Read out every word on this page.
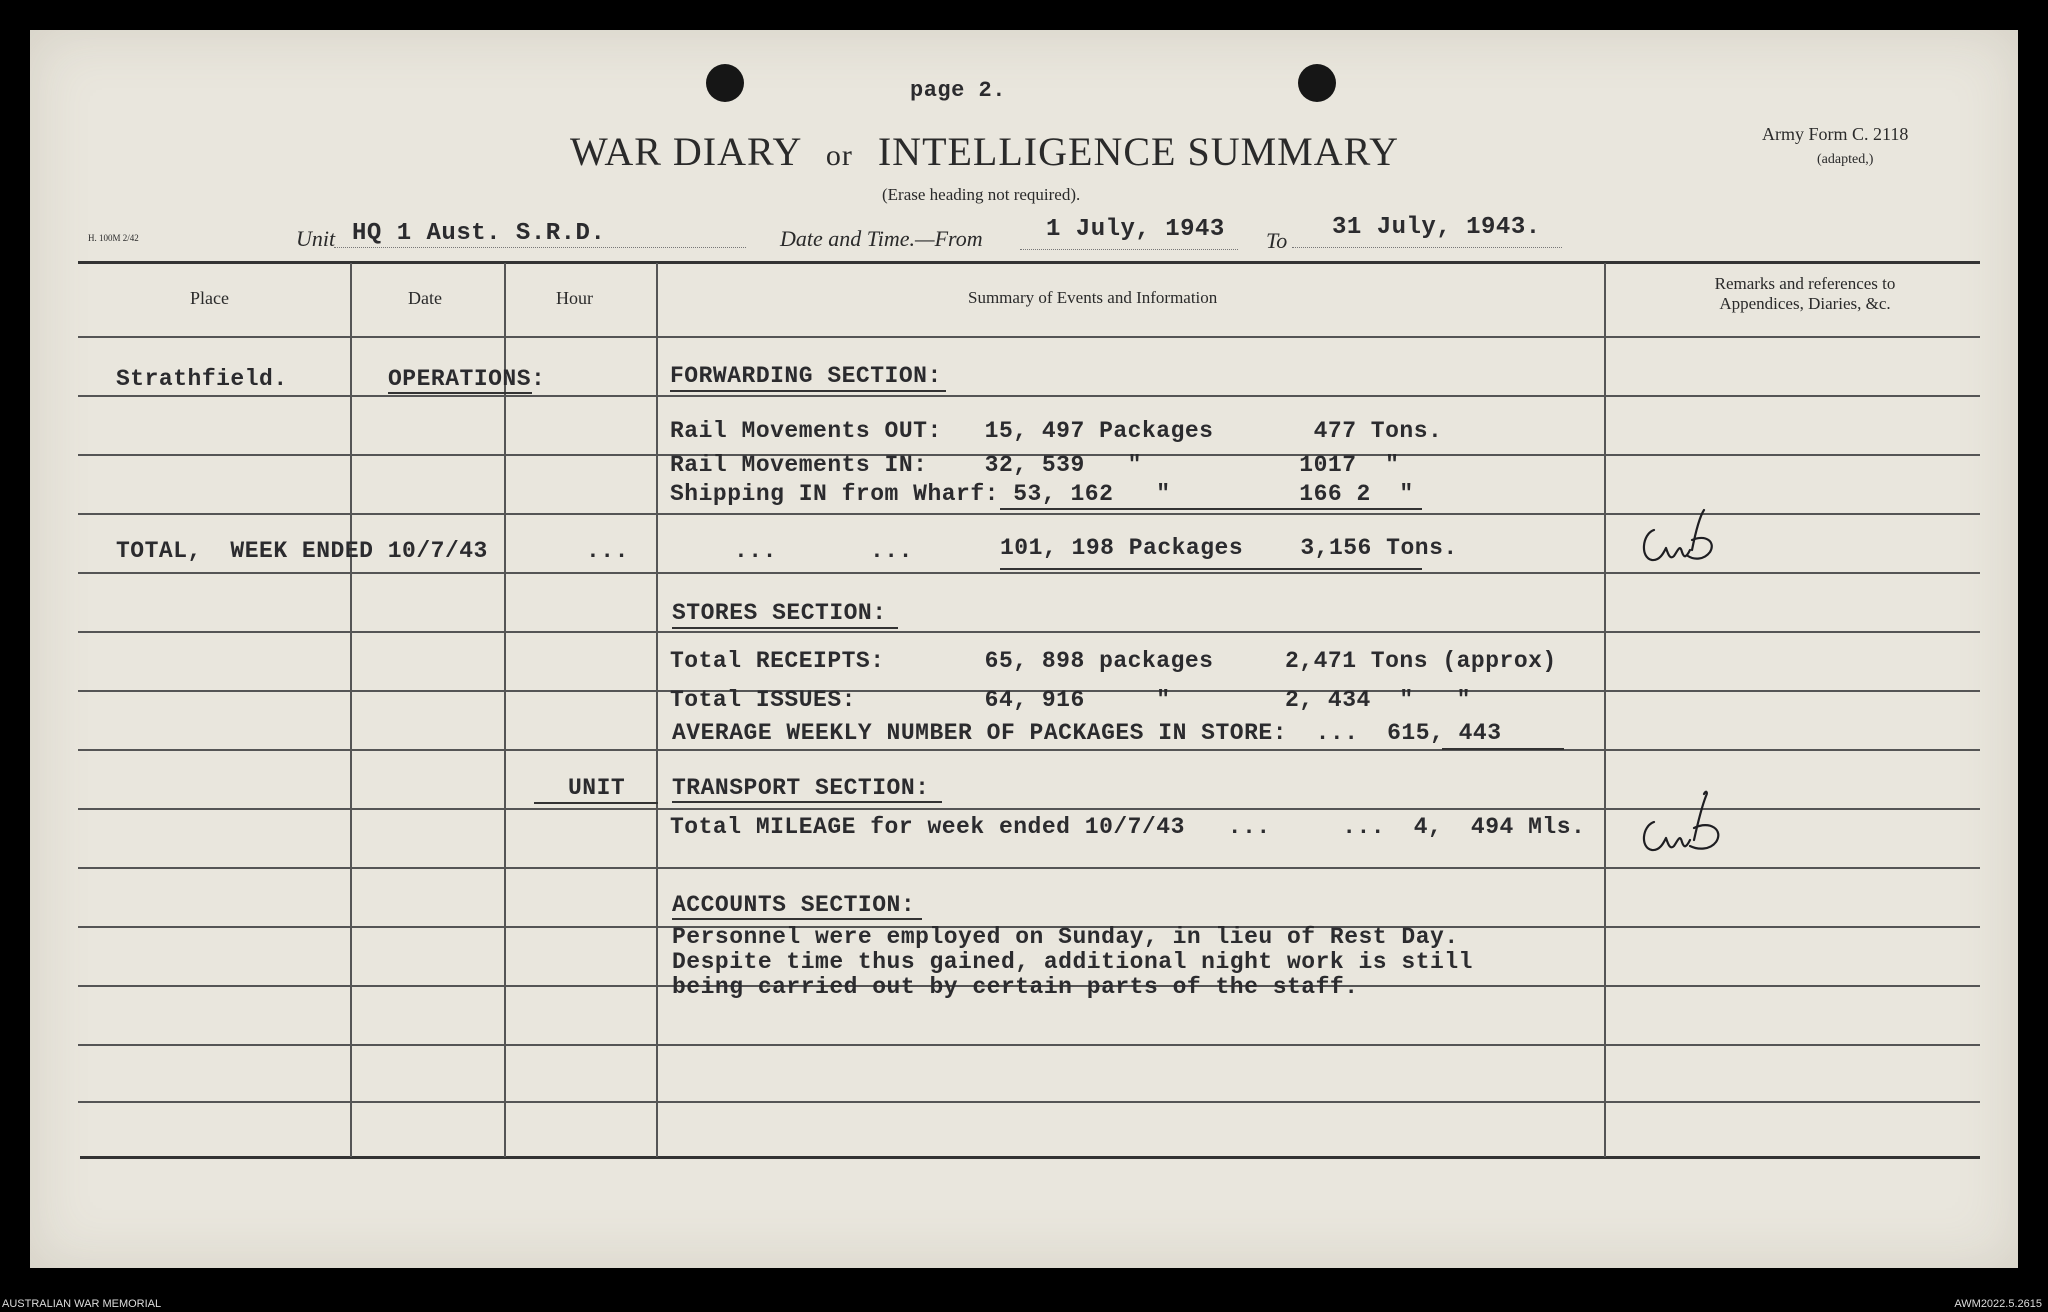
page 2.
WAR DIARY or INTELLIGENCE SUMMARY
(Erase heading not required).
Army Form C. 2118
(adapted,)
H. 100M 2/42	Unit HQ 1 Aust. S.R.D.	Date and Time.—From	1 July, 1943 To 31 July, 1943.
Place	Date	Hour	Summary of Events and Information
Remarks and references to
Appendices, Diaries, &c.
Strathfield.	OPERATIONS:	FORWARDING SECTION:
Rail Movements OUT:   15, 497 Packages       477 Tons.
Rail Movements IN:    32, 539   "           1017  "
Shipping IN from Wharf: 53, 162   "         166 2  "
TOTAL,  WEEK ENDED 10/7/43	...	...	...	101, 198 Packages    3,156 Tons.
STORES SECTION:
Total RECEIPTS:       65, 898 packages     2,471 Tons (approx)
Total ISSUES:         64, 916     "        2, 434  "   "
AVERAGE WEEKLY NUMBER OF PACKAGES IN STORE:  ...  615, 443
UNIT TRANSPORT SECTION:
Total MILEAGE for week ended 10/7/43   ...     ...  4,  494 Mls.
ACCOUNTS SECTION:
Personnel were employed on Sunday, in lieu of Rest Day.
Despite time thus gained, additional night work is still
being carried out by certain parts of the staff.
AUSTRALIAN WAR MEMORIAL	AWM2022.5.2615
